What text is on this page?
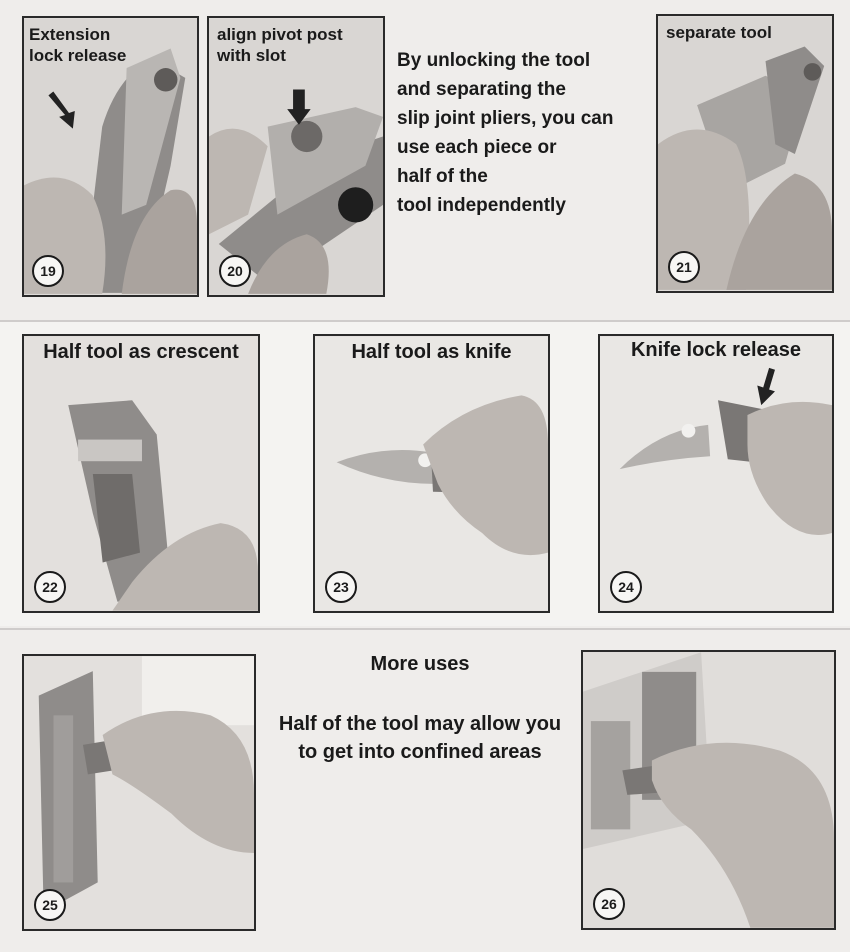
Extension
lock release
19
align pivot post
with slot
20
By unlocking the tool
and separating the
slip joint pliers, you can
use each piece or
half of the
tool independently
separate tool
21
Half tool as crescent
22
Half tool as knife
23
Knife lock release
24
25
More uses
Half of the tool may allow you
to get into confined areas
26
